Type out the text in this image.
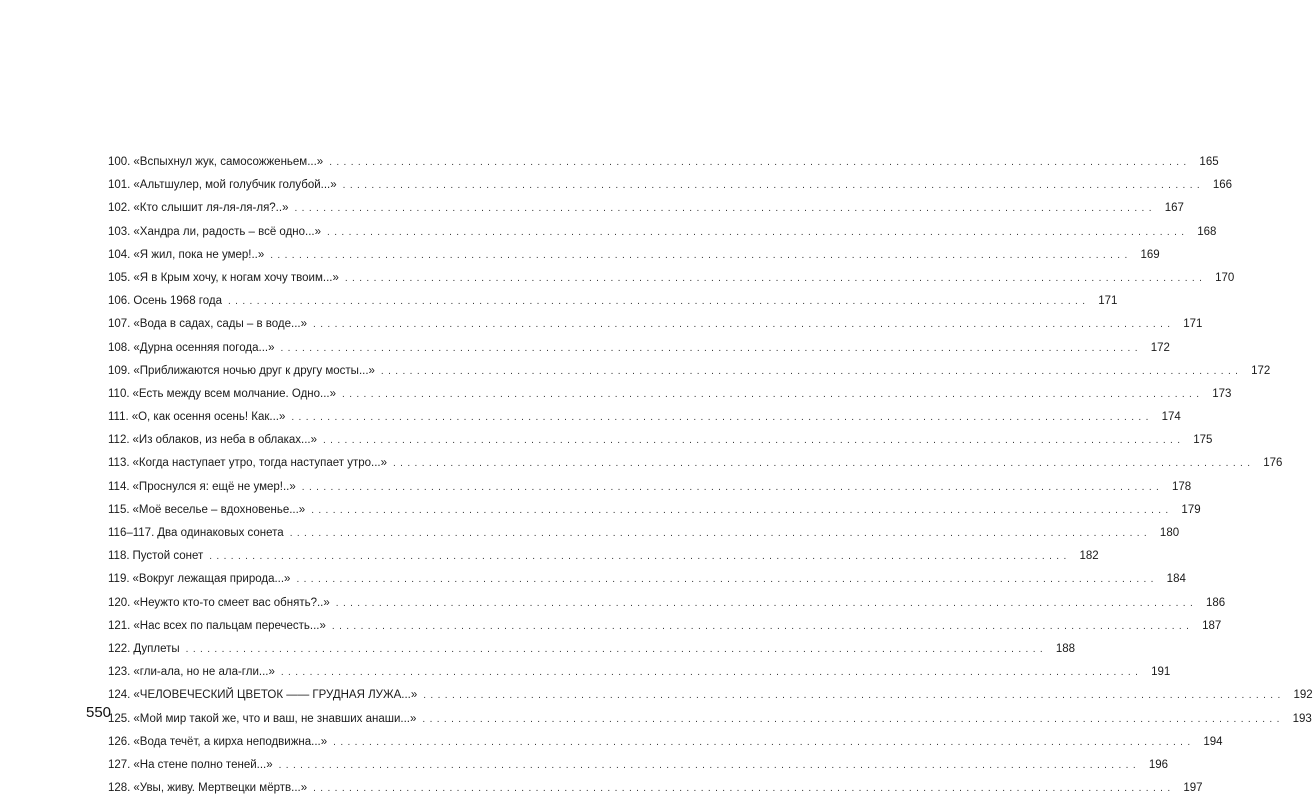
100. «Вспыхнул жук, самосожженьем...» ........................................................................................................................ 165
101. «Альтшулер, мой голубчик голубой...» ........................................................................................................................ 166
102. «Кто слышит ля-ля-ля-ля?..» ........................................................................................................................ 167
103. «Хандра ли, радость – всё одно...» ........................................................................................................................ 168
104. «Я жил, пока не умер!..» ........................................................................................................................ 169
105. «Я в Крым хочу, к ногам хочу твоим...» ........................................................................................................................ 170
106. Осень 1968 года ........................................................................................................................ 171
107. «Вода в садах, сады – в воде...» ........................................................................................................................ 171
108. «Дурна осенняя погода...» ........................................................................................................................ 172
109. «Приближаются ночью друг к другу мосты...» ........................................................................................................................ 172
110. «Есть между всем молчание. Одно...» ........................................................................................................................ 173
111. «О, как осення осень! Как...» ........................................................................................................................ 174
112. «Из облаков, из неба в облаках...» ........................................................................................................................ 175
113. «Когда наступает утро, тогда наступает утро...» ........................................................................................................................ 176
114. «Проснулся я: ещё не умер!..» ........................................................................................................................ 178
115. «Моё веселье – вдохновенье...» ........................................................................................................................ 179
116–117. Два одинаковых сонета ........................................................................................................................ 180
118. Пустой сонет ........................................................................................................................ 182
119. «Вокруг лежащая природа...» ........................................................................................................................ 184
120. «Неужто кто-то смеет вас обнять?..» ........................................................................................................................ 186
121. «Нас всех по пальцам перечесть...» ........................................................................................................................ 187
122. Дуплеты ........................................................................................................................ 188
123. «гли-ала, но не ала-гли...» ........................................................................................................................ 191
124. «ЧЕЛОВЕЧЕСКИЙ ЦВЕТОК —— ГРУДНАЯ ЛУЖА...» ........................................................................................................................ 192
125. «Мой мир такой же, что и ваш, не знавших анаши...» ........................................................................................................................ 193
126. «Вода течёт, а кирха неподвижна...» ........................................................................................................................ 194
127. «На стене полно теней...» ........................................................................................................................ 196
128. «Увы, живу. Мертвецки мёртв...» ........................................................................................................................ 197
550
